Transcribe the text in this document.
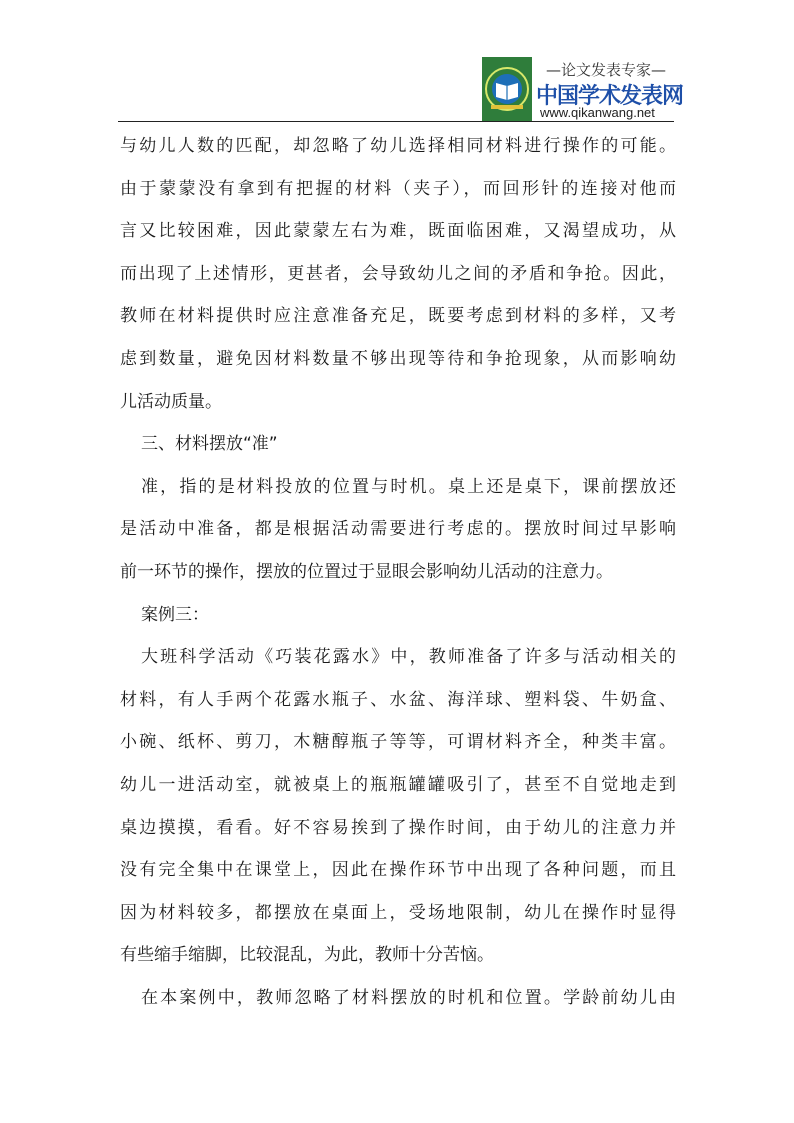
—论文发表专家—
中国学术发表网
www.qikanwang.net
与幼儿人数的匹配，却忽略了幼儿选择相同材料进行操作的可能。
由于蒙蒙没有拿到有把握的材料（夹子），而回形针的连接对他而
言又比较困难，因此蒙蒙左右为难，既面临困难，又渴望成功，从
而出现了上述情形，更甚者，会导致幼儿之间的矛盾和争抢。因此，
教师在材料提供时应注意准备充足，既要考虑到材料的多样，又考
虑到数量，避免因材料数量不够出现等待和争抢现象，从而影响幼
儿活动质量。
三、材料摆放“准”
准，指的是材料投放的位置与时机。桌上还是桌下，课前摆放还
是活动中准备，都是根据活动需要进行考虑的。摆放时间过早影响
前一环节的操作，摆放的位置过于显眼会影响幼儿活动的注意力。
案例三：
大班科学活动《巧装花露水》中，教师准备了许多与活动相关的
材料，有人手两个花露水瓶子、水盆、海洋球、塑料袋、牛奶盒、
小碗、纸杯、剪刀，木糖醇瓶子等等，可谓材料齐全，种类丰富。
幼儿一进活动室，就被桌上的瓶瓶罐罐吸引了，甚至不自觉地走到
桌边摸摸，看看。好不容易挨到了操作时间，由于幼儿的注意力并
没有完全集中在课堂上，因此在操作环节中出现了各种问题，而且
因为材料较多，都摆放在桌面上，受场地限制，幼儿在操作时显得
有些缩手缩脚，比较混乱，为此，教师十分苦恼。
在本案例中，教师忽略了材料摆放的时机和位置。学龄前幼儿由
